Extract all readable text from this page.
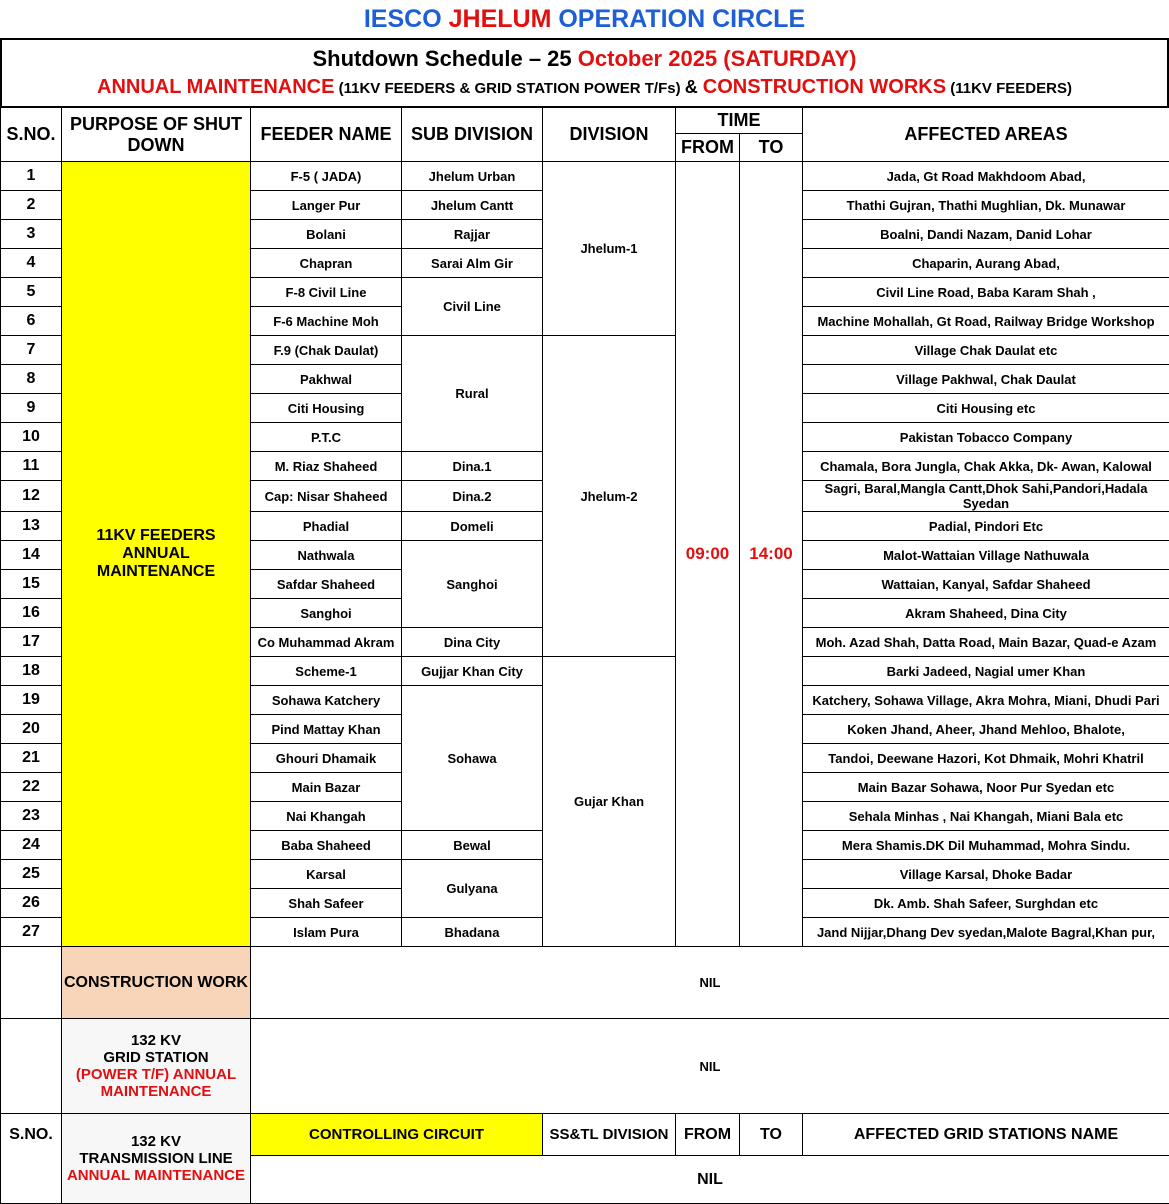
IESCO JHELUM OPERATION CIRCLE
Shutdown Schedule – 25 October 2025 (SATURDAY)
ANNUAL MAINTENANCE (11KV FEEDERS & GRID STATION POWER T/Fs) & CONSTRUCTION WORKS (11KV FEEDERS)
S.NO.	PURPOSE OF SHUT DOWN	FEEDER NAME	SUB DIVISION	DIVISION	TIME		AFFECTED AREAS
					FROM	TO	
1	11KV FEEDERS ANNUAL MAINTENANCE	F-5 ( JADA)	Jhelum Urban	Jhelum-1	09:00	14:00	Jada, Gt Road Makhdoom Abad,
2		Langer Pur	Jhelum Cantt				Thathi Gujran, Thathi Mughlian, Dk. Munawar
3		Bolani	Rajjar				Boalni, Dandi Nazam, Danid Lohar
4		Chapran	Sarai Alm Gir				Chaparin, Aurang Abad,
5		F-8 Civil Line	Civil Line				Civil Line Road, Baba Karam Shah ,
6		F-6 Machine Moh					Machine Mohallah, Gt Road, Railway Bridge Workshop
7		F.9 (Chak Daulat)	Rural	Jhelum-2			Village Chak Daulat etc
8		Pakhwal					Village Pakhwal, Chak Daulat
9		Citi Housing					Citi Housing etc
10		P.T.C					Pakistan Tobacco Company
11		M. Riaz Shaheed	Dina.1				Chamala, Bora Jungla, Chak Akka, Dk- Awan, Kalowal
12		Cap: Nisar Shaheed	Dina.2				Sagri, Baral,Mangla Cantt,Dhok Sahi,Pandori,Hadala Syedan
13		Phadial	Domeli				Padial, Pindori Etc
14		Nathwala	Sanghoi				Malot-Wattaian Village Nathuwala
15		Safdar Shaheed					Wattaian, Kanyal, Safdar Shaheed
16		Sanghoi					Akram Shaheed, Dina City
17		Co Muhammad Akram	Dina City				Moh. Azad Shah, Datta Road, Main Bazar, Quad-e Azam
18		Scheme-1	Gujjar Khan City	Gujar Khan			Barki Jadeed, Nagial umer Khan
19		Sohawa Katchery	Sohawa				Katchery, Sohawa Village, Akra Mohra, Miani, Dhudi Pari
20		Pind Mattay Khan					Koken Jhand, Aheer, Jhand Mehloo, Bhalote,
21		Ghouri Dhamaik					Tandoi, Deewane Hazori, Kot Dhmaik, Mohri Khatril
22		Main Bazar					Main Bazar Sohawa, Noor Pur Syedan etc
23		Nai Khangah					Sehala Minhas , Nai Khangah, Miani Bala etc
24		Baba Shaheed	Bewal				Mera Shamis.DK Dil Muhammad, Mohra Sindu.
25		Karsal	Gulyana				Village Karsal, Dhoke Badar
26		Shah Safeer					Dk. Amb. Shah Safeer, Surghdan etc
27		Islam Pura	Bhadana				Jand Nijjar,Dhang Dev syedan,Malote Bagral,Khan pur,
	CONSTRUCTION WORK	NIL					

	132 KV
GRID STATION
(POWER T/F) ANNUAL MAINTENANCE	NIL					
S.NO.	132 KV
TRANSMISSION LINE
ANNUAL MAINTENANCE	CONTROLLING CIRCUIT		SS&TL DIVISION	FROM	TO	AFFECTED GRID STATIONS NAME
		NIL					
